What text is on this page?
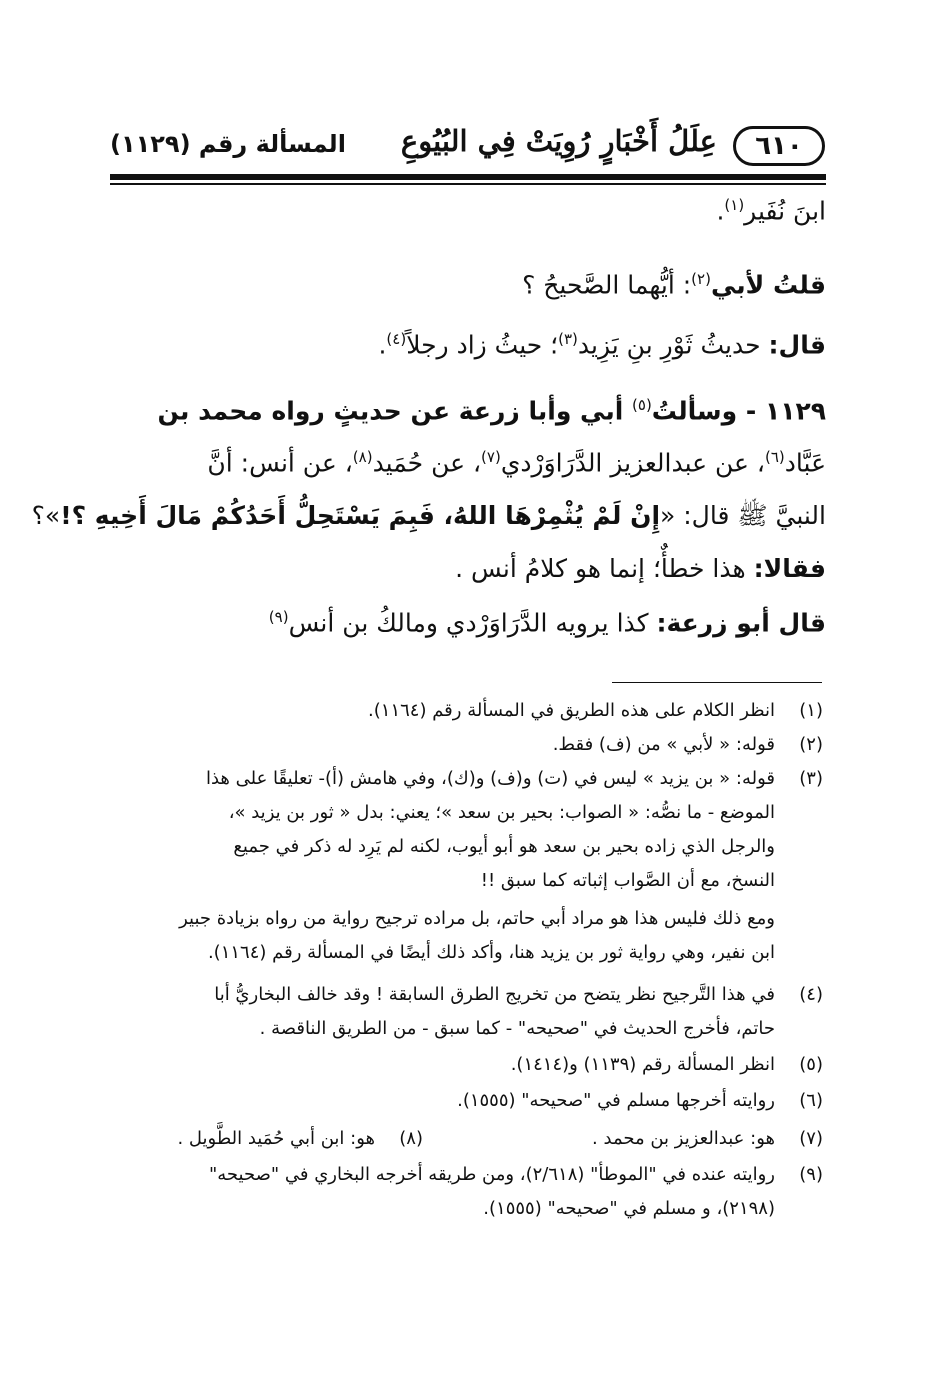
٦١٠
عِلَلُ أَخْبَارٍ رُوِيَتْ فِي البُيُوعِ
المسألة رقم (١١٢٩)
ابنَ نُفَير$^{(١)}$.
قلتُ لأبي$^{(٢)}$: أيُّهما الصَّحيحُ ؟
قال: حديثُ ثَوْرِ بنِ يَزِيد$^{(٣)}$؛ حيثُ زاد رجلاً$^{(٤)}$.
١١٢٩ - وسألتُ$^{(٥)}$ أبي وأبا زرعة عن حديثٍ رواه محمد بن
عَبَّاد$^{(٦)}$، عن عبدالعزيز الدَّرَاوَرْدي$^{(٧)}$، عن حُمَيد$^{(٨)}$، عن أنس: أنَّ
النبيَّ ﷺ قال: «إِنْ لَمْ يُثْمِرْهَا اللهُ، فَبِمَ يَسْتَحِلُّ أَحَدُكُمْ مَالَ أَخِيهِ ؟!»؟
فقالا: هذا خطأٌ؛ إنما هو كلامُ أنس .
قال أبو زرعة: كذا يرويه الدَّرَاوَرْدي ومالكُ بن أنس$^{(٩)}$
(١)
انظر الكلام على هذه الطريق في المسألة رقم (١١٦٤).
(٢)
قوله: « لأبي » من (ف) فقط.
(٣)
قوله: « بن يزيد » ليس في (ت) و(ف) و(ك)، وفي هامش (أ)- تعليقًا على هذا
الموضع - ما نصُّه: « الصواب: بحير بن سعد »؛ يعني: بدل « ثور بن يزيد »،
والرجل الذي زاده بحير بن سعد هو أبو أيوب، لكنه لم يَرِد له ذكر في جميع
النسخ، مع أن الصَّواب إثباته كما سبق !!
ومع ذلك فليس هذا هو مراد أبي حاتم، بل مراده ترجيح رواية من رواه بزيادة جبير
ابن نفير، وهي رواية ثور بن يزيد هنا، وأكد ذلك أيضًا في المسألة رقم (١١٦٤).
(٤)
في هذا التَّرجيح نظر يتضح من تخريج الطرق السابقة ! وقد خالف البخاريُّ أبا
حاتم، فأخرج الحديث في "صحيحه" - كما سبق - من الطريق الناقصة .
(٥)
انظر المسألة رقم (١١٣٩) و(١٤١٤).
(٦)
روايته أخرجها مسلم في "صحيحه" (١٥٥٥).
(٧)
هو: عبدالعزيز بن محمد .
(٨)
هو: ابن أبي حُمَيد الطَّويل .
(٩)
روايته عنده في "الموطأ" (٢/٦١٨)، ومن طريقه أخرجه البخاري في "صحيحه"
(٢١٩٨)، و مسلم في "صحيحه" (١٥٥٥).
